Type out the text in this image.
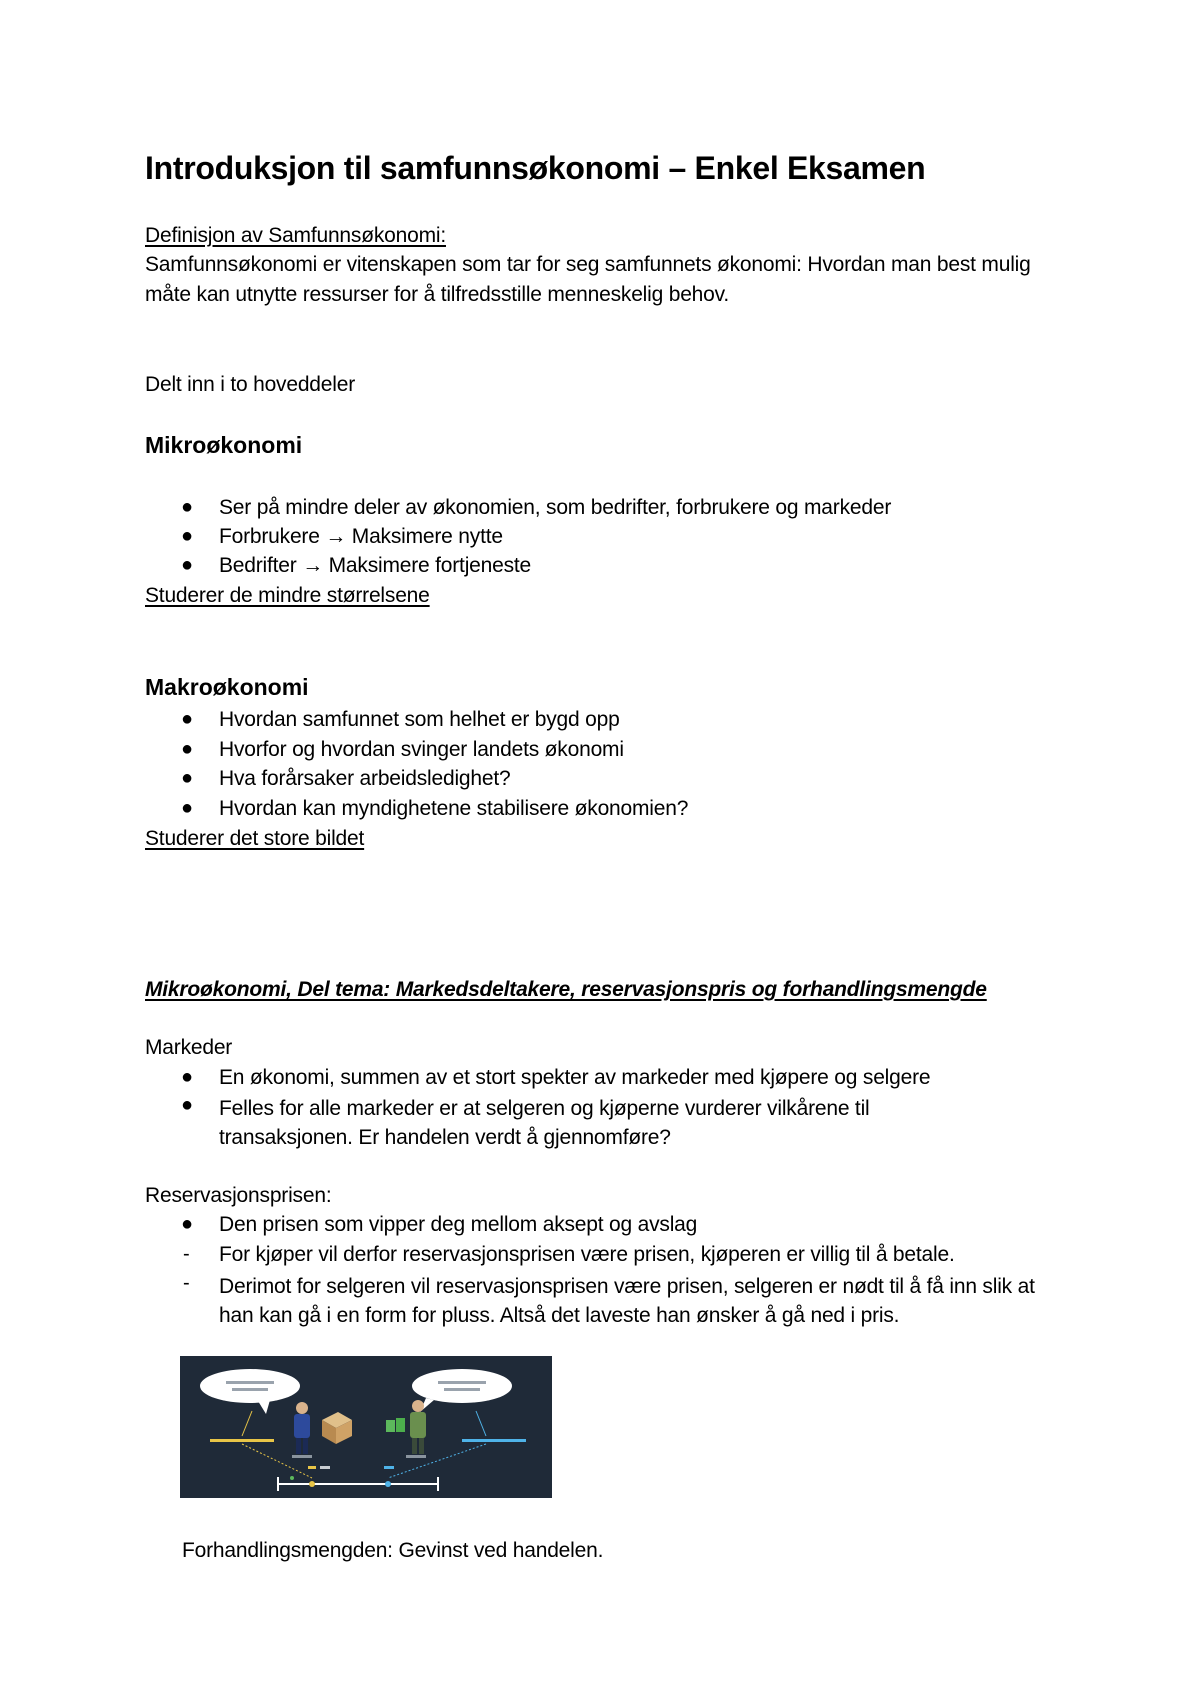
Introduksjon til samfunnsøkonomi – Enkel Eksamen
Definisjon av Samfunnsøkonomi:
Samfunnsøkonomi er vitenskapen som tar for seg samfunnets økonomi: Hvordan man best mulig måte kan utnytte ressurser for å tilfredsstille menneskelig behov.
Delt inn i to hoveddeler
Mikroøkonomi
● Ser på mindre deler av økonomien, som bedrifter, forbrukere og markeder
● Forbrukere → Maksimere nytte
● Bedrifter → Maksimere fortjeneste
Studerer de mindre størrelsene
Makroøkonomi
● Hvordan samfunnet som helhet er bygd opp
● Hvorfor og hvordan svinger landets økonomi
● Hva forårsaker arbeidsledighet?
● Hvordan kan myndighetene stabilisere økonomien?
Studerer det store bildet
Mikroøkonomi, Del tema: Markedsdeltakere, reservasjonspris og forhandlingsmengde
Markeder
● En økonomi, summen av et stort spekter av markeder med kjøpere og selgere
● Felles for alle markeder er at selgeren og kjøperne vurderer vilkårene til transaksjonen. Er handelen verdt å gjennomføre?
Reservasjonsprisen:
● Den prisen som vipper deg mellom aksept og avslag
- For kjøper vil derfor reservasjonsprisen være prisen, kjøperen er villig til å betale.
- Derimot for selgeren vil reservasjonsprisen være prisen, selgeren er nødt til å få inn slik at han kan gå i en form for pluss. Altså det laveste han ønsker å gå ned i pris.
Forhandlingsmengden: Gevinst ved handelen.
